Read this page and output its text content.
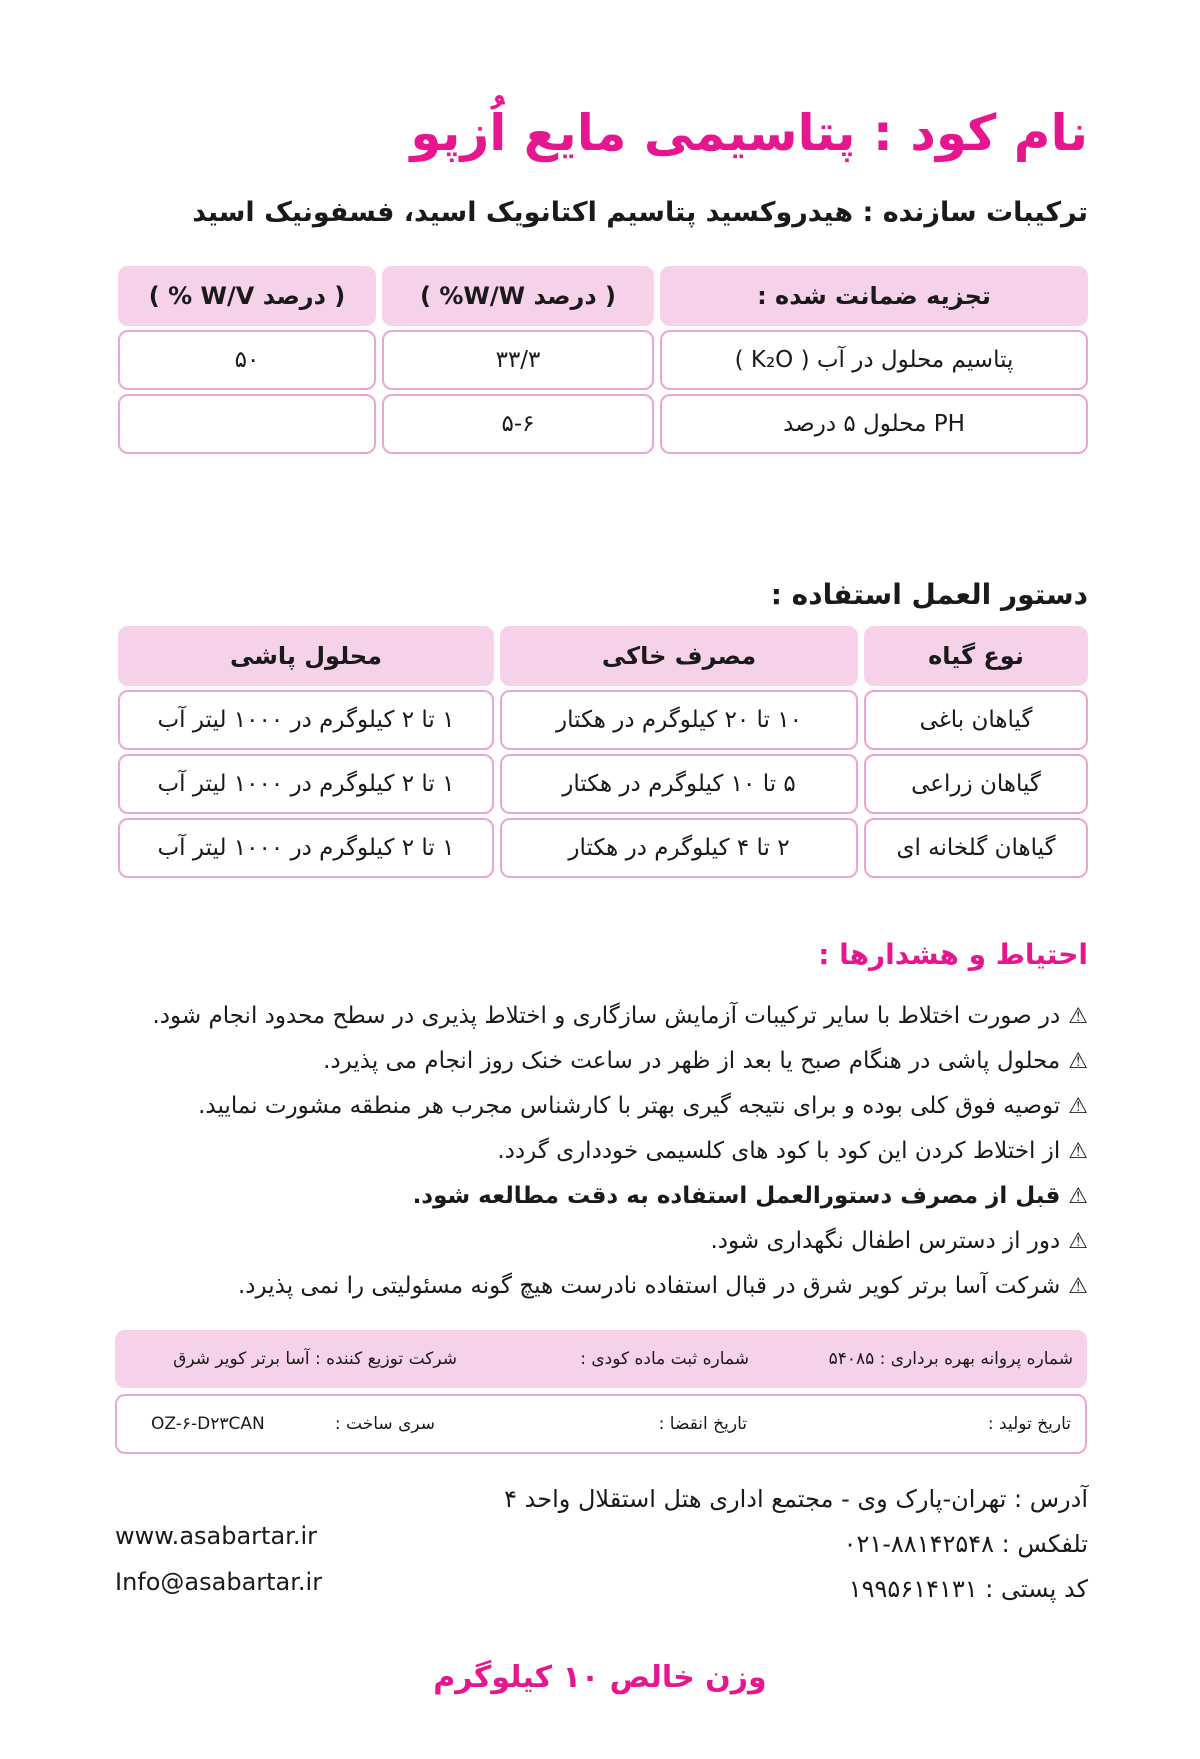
نام کود : پتاسیمی مایع اُزپو
ترکیبات سازنده : هیدروکسید پتاسیم اکتانویک اسید، فسفونیک اسید
تجزیه ضمانت شده :
( درصد W/W% )
( درصد W/V % )
پتاسیم محلول در آب ( K₂O )
۳۳/۳
۵۰
PH محلول ۵ درصد
۵-۶
دستور العمل استفاده :
نوع گیاه
مصرف خاکی
محلول پاشی
گیاهان باغی
۱۰ تا ۲۰ کیلوگرم در هکتار
۱ تا ۲ کیلوگرم در ۱۰۰۰ لیتر آب
گیاهان زراعی
۵ تا ۱۰ کیلوگرم در هکتار
۱ تا ۲ کیلوگرم در ۱۰۰۰ لیتر آب
گیاهان گلخانه ای
۲ تا ۴ کیلوگرم در هکتار
۱ تا ۲ کیلوگرم در ۱۰۰۰ لیتر آب
احتیاط و هشدارها :
⚠
در صورت اختلاط با سایر ترکیبات آزمایش سازگاری و اختلاط پذیری در سطح محدود انجام شود.
⚠
محلول پاشی در هنگام صبح یا بعد از ظهر در ساعت خنک روز انجام می پذیرد.
⚠
توصیه فوق کلی بوده و برای نتیجه گیری بهتر با کارشناس مجرب هر منطقه مشورت نمایید.
⚠
از اختلاط کردن این کود با کود های کلسیمی خودداری گردد.
⚠
قبل از مصرف دستورالعمل استفاده به دقت مطالعه شود.
⚠
دور از دسترس اطفال نگهداری شود.
⚠
شرکت آسا برتر کویر شرق در قبال استفاده نادرست هیچ گونه مسئولیتی را نمی پذیرد.
شماره پروانه بهره برداری : ۵۴۰۸۵
شماره ثبت ماده کودی :
شرکت توزیع کننده : آسا برتر کویر شرق
تاریخ تولید :
تاریخ انقضا :
سری ساخت :
OZ-۶-D۲۳CAN
آدرس : تهران-پارک وی - مجتمع اداری هتل استقلال واحد ۴
تلفکس : ۸۸۱۴۲۵۴۸-۰۲۱
کد پستی : ۱۹۹۵۶۱۴۱۳۱
www.asabartar.ir
Info@asabartar.ir
وزن خالص ۱۰ کیلوگرم
